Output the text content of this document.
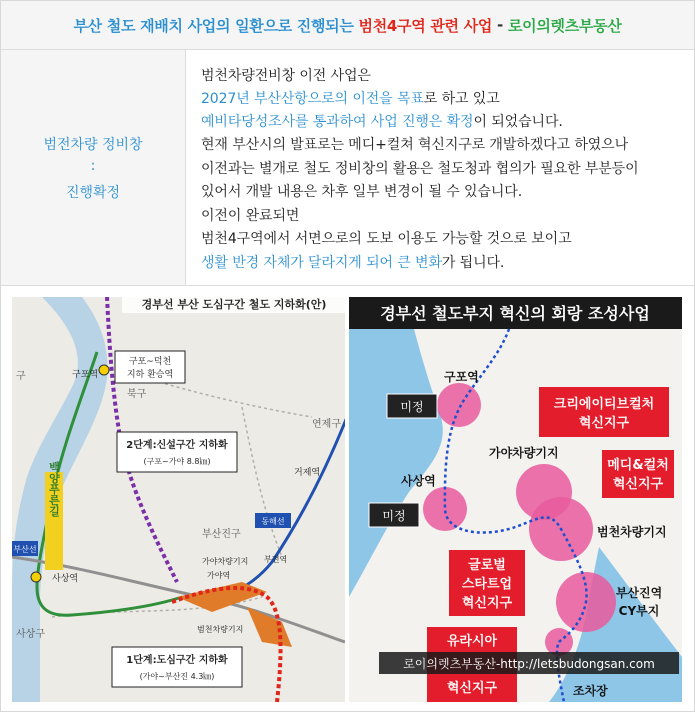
부산 철도 재배치 사업의 일환으로 진행되는 범천4구역 관련 사업 - 로이의렛츠부동산
범전차량 정비창
:
진행확정
범천차량전비창 이전 사업은
2027년 부산산항으로의 이전을 목표로 하고 있고
예비타당성조사를 통과하여 사업 진행은 확정이 되었습니다.
현재 부산시의 발표로는 메디+컬쳐 혁신지구로 개발하겠다고 하였으나
이전과는 별개로 철도 정비창의 활용은 철도청과 협의가 필요한 부분등이
있어서 개발 내용은 차후 일부 변경이 될 수 있습니다.
이전이 완료되면
범천4구역에서 서면으로의 도보 이용도 가능할 것으로 보이고
생활 반경 자체가 달라지게 되어 큰 변화가 됩니다.
백양푸른길
경부선 부산 도심구간 철도 지하화(안)
구포~덕천
지하 환승역
구포역
북구
구
연제구
2단계:신설구간 지하화
(구포~가야 8.8㎞)
거제역
부산진구
동해선
부산선
사상역
가야차량기지
가야역
부전역
범천차량기지
사상구
1단계:도심구간 지하화
(가야~부산진 4.3㎞)
경부선 철도부지 혁신의 회랑 조성사업
구포역
미정	크리에이티브컬처
혁신지구
가야차량기지
메디&컬처
혁신지구
사상역
미정
범천차량기지
글로벌
스타트업
혁신지구
부산진역
CY부지
유라시아
혁신지구
로이의렛츠부동산-http://letsbudongsan.com
조차장
